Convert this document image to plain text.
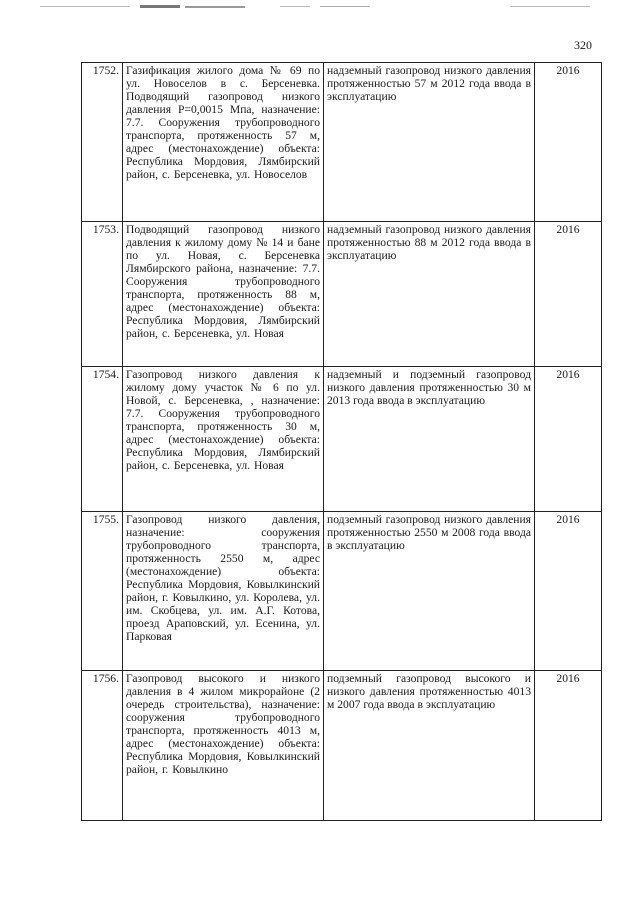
320
1752.	Газификация жилого дома № 69 по ул. Новоселов в с. Берсеневка. Подводящий газопровод низкого давления P=0,0015 Мпа, назначение: 7.7. Сооружения трубопроводного транспорта, протяженность 57 м, адрес (местонахождение) объекта: Республика Мордовия, Лямбирский район, с. Берсеневка, ул. Новоселов	надземный газопровод низкого давления протяженностью 57 м 2012 года ввода в эксплуатацию	2016
1753.	Подводящий газопровод низкого давления к жилому дому № 14 и бане по ул. Новая, с. Берсеневка Лямбирского района, назначение: 7.7. Сооружения трубопроводного транспорта, протяженность 88 м, адрес (местонахождение) объекта: Республика Мордовия, Лямбирский район, с. Берсеневка, ул. Новая	надземный газопровод низкого давления протяженностью 88 м 2012 года ввода в эксплуатацию	2016
1754.	Газопровод низкого давления к жилому дому участок № 6 по ул. Новой, с. Берсеневка, , назначение: 7.7. Сооружения трубопроводного транспорта, протяженность 30 м, адрес (местонахождение) объекта: Республика Мордовия, Лямбирский район, с. Берсеневка, ул. Новая	надземный и подземный газопровод низкого давления протяженностью 30 м 2013 года ввода в эксплуатацию	2016
1755.	Газопровод низкого давления, назначение: сооружения трубопроводного транспорта, протяженность 2550 м, адрес (местонахождение) объекта: Республика Мордовия, Ковылкинский район, г. Ковылкино, ул. Королева, ул. им. Скобцева, ул. им. А.Г. Котова, проезд Араповский, ул. Есенина, ул. Парковая	подземный газопровод низкого давления протяженностью 2550 м 2008 года ввода в эксплуатацию	2016
1756.	Газопровод высокого и низкого давления в 4 жилом микрорайоне (2 очередь строительства), назначение: сооружения трубопроводного транспорта, протяженность 4013 м, адрес (местонахождение) объекта: Республика Мордовия, Ковылкинский район, г. Ковылкино	подземный газопровод высокого и низкого давления протяженностью 4013 м 2007 года ввода в эксплуатацию	2016
